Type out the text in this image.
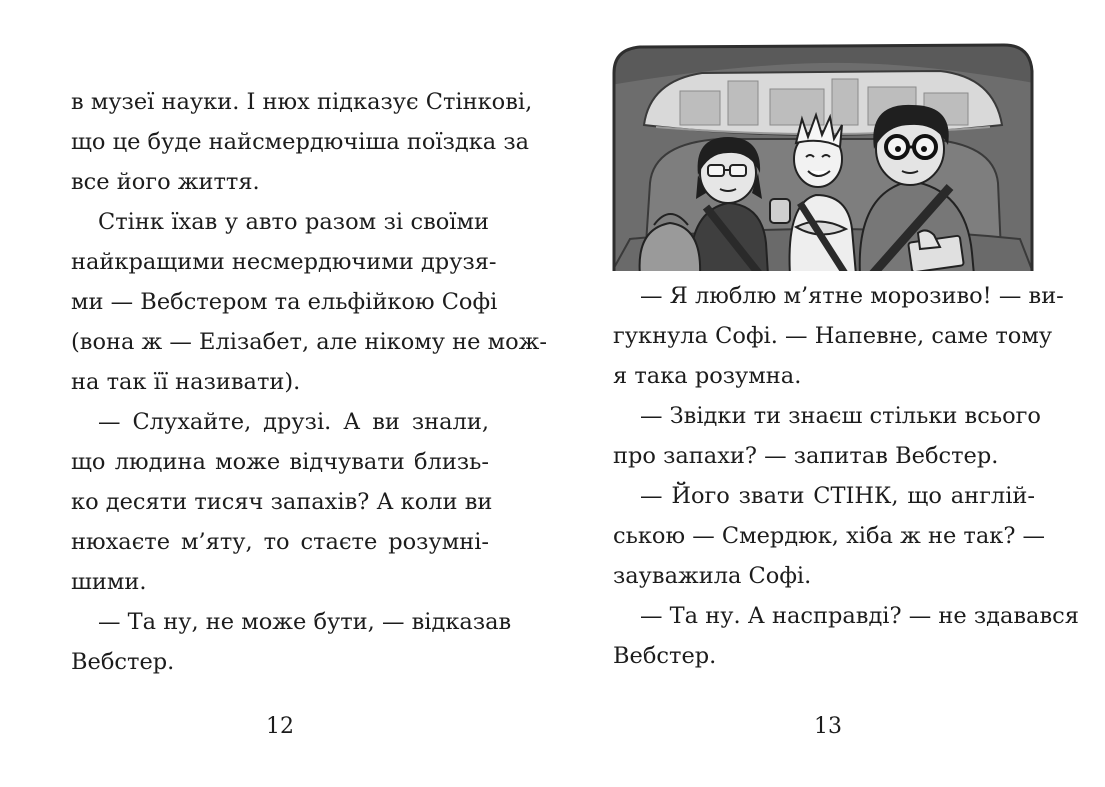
в музеї науки. І нюх підказує Стінкові,
що це буде найсмердючіша поїздка за
все його життя.
Стінк їхав у авто разом зі своїми
найкращими несмердючими друзя-
ми — Вебстером та ельфійкою Софі
(вона ж — Елізабет, але нікому не мож-
на так її називати).
— Слухайте, друзі. А ви знали,
що людина може відчувати близь-
ко десяти тисяч запахів? А коли ви
нюхаєте м’яту, то стаєте розумні-
шими.
— Та ну, не може бути, — відказав
Вебстер.
12
— Я люблю м’ятне морозиво! — ви-
гукнула Софі. — Напевне, саме тому
я така розумна.
— Звідки ти знаєш стільки всього
про запахи? — запитав Вебстер.
— Його звати СТІНК, що англій-
ською — Смердюк, хіба ж не так? —
зауважила Софі.
— Та ну. А насправді? — не здавався
Вебстер.
13
